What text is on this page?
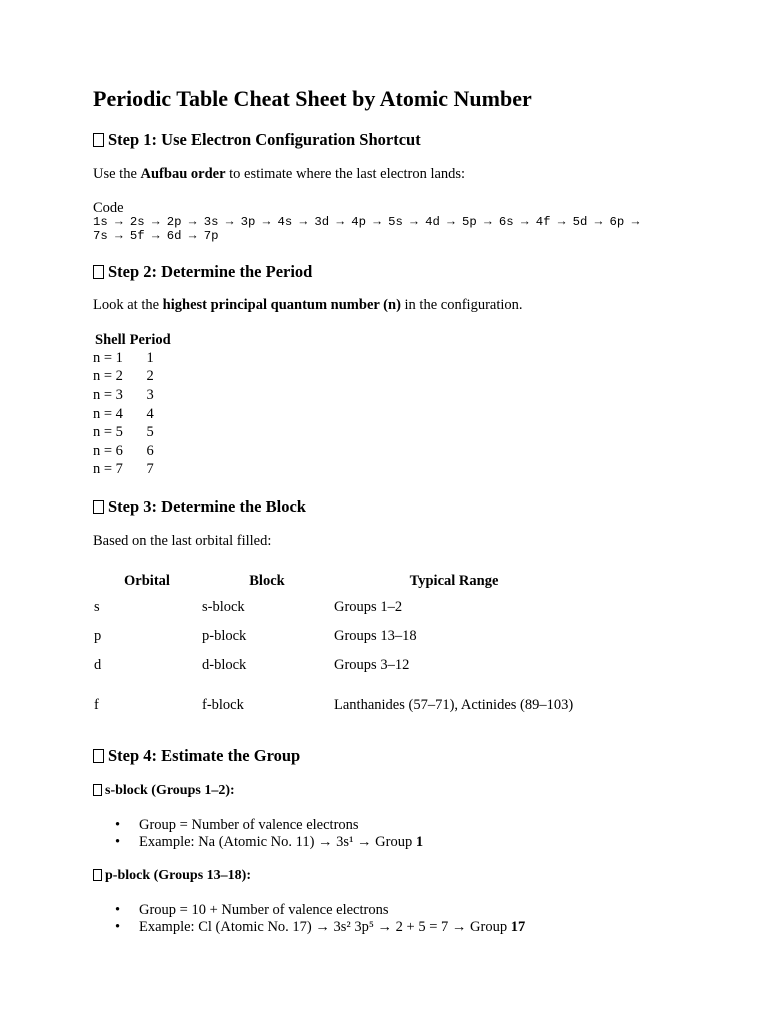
Periodic Table Cheat Sheet by Atomic Number
Step 1: Use Electron Configuration Shortcut

Use the Aufbau order to estimate where the last electron lands:

Code
1s → 2s → 2p → 3s → 3p → 4s → 3d → 4p → 5s → 4d → 5p → 6s → 4f → 5d → 6p →
7s → 5f → 6d → 7p
Step 2: Determine the Period

Look at the highest principal quantum number (n) in the configuration.

Shell	Period
n = 1	1
n = 2	2
n = 3	3
n = 4	4
n = 5	5
n = 6	6
n = 7	7
Step 3: Determine the Block

Based on the last orbital filled:

Orbital	Block	Typical Range
s	s-block	Groups 1–2
p	p-block	Groups 13–18
d	d-block	Groups 3–12
f	f-block	Lanthanides (57–71), Actinides (89–103)
Step 4: Estimate the Group
s-block (Groups 1–2):
• Group = Number of valence electrons
• Example: Na (Atomic No. 11) → 3s¹ → Group 1
p-block (Groups 13–18):
• Group = 10 + Number of valence electrons
• Example: Cl (Atomic No. 17) → 3s² 3p⁵ → 2 + 5 = 7 → Group 17
